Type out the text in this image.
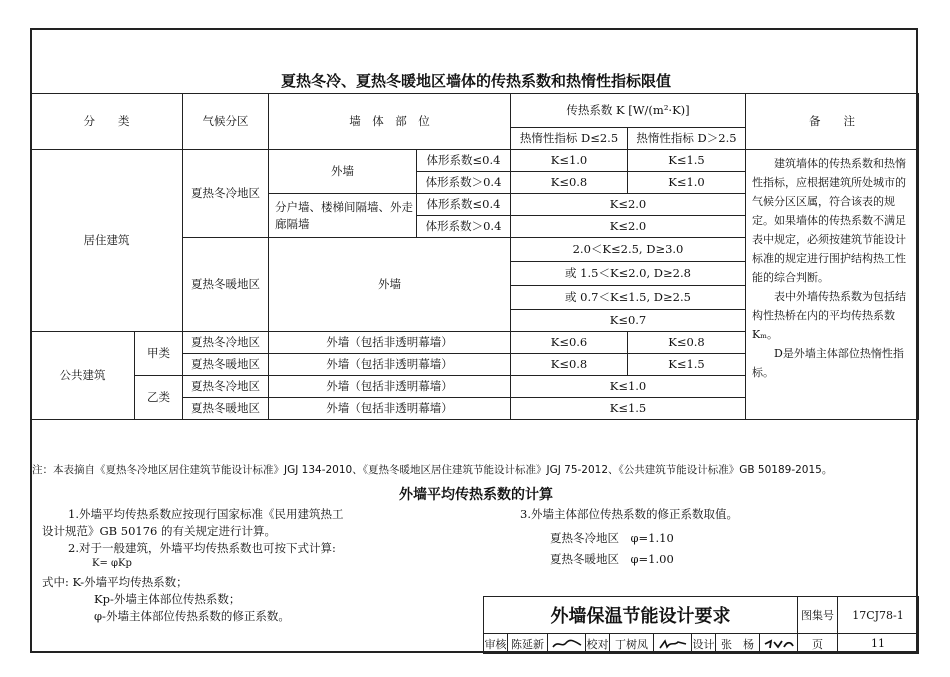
夏热冬冷、夏热冬暖地区墙体的传热系数和热惰性指标限值
分　　类		气候分区	墙　体　部　位		传热系数 K [W/(m²·K)]		备　　注
					热惰性指标 D≤2.5	热惰性指标 D＞2.5	
居住建筑		夏热冬冷地区	外墙	体形系数≤0.4	K≤1.0	K≤1.5	　　建筑墙体的传热系数和热惰性指标，应根据建筑所处城市的气候分区区属，符合该表的规定。如果墙体的传热系数不满足表中规定，必须按建筑节能设计标准的规定进行围护结构热工性能的综合判断。
　　表中外墙传热系数为包括结构性热桥在内的平均传热系数Kₘ。
　　D是外墙主体部位热惰性指标。

				体形系数＞0.4	K≤0.8	K≤1.0	
			分户墙、楼梯间隔墙、外走廊隔墙	体形系数≤0.4	K≤2.0		
				体形系数＞0.4	K≤2.0		
		夏热冬暖地区	外墙		2.0＜K≤2.5, D≥3.0		
					或 1.5＜K≤2.0, D≥2.8		
					或 0.7＜K≤1.5, D≥2.5		
					K≤0.7		
公共建筑	甲类	夏热冬冷地区	外墙（包括非透明幕墙）		K≤0.6	K≤0.8	
		夏热冬暖地区	外墙（包括非透明幕墙）		K≤0.8	K≤1.5	
	乙类	夏热冬冷地区	外墙（包括非透明幕墙）		K≤1.0		
		夏热冬暖地区	外墙（包括非透明幕墙）		K≤1.5		
注：本表摘自《夏热冬冷地区居住建筑节能设计标准》JGJ 134-2010、《夏热冬暖地区居住建筑节能设计标准》JGJ 75-2012、《公共建筑节能设计标准》GB 50189-2015。
外墙平均传热系数的计算
1.外墙平均传热系数应按现行国家标准《民用建筑热工
设计规范》GB 50176 的有关规定进行计算。
2.对于一般建筑，外墙平均传热系数也可按下式计算:
K= φKp
式中: K-外墙平均传热系数；
Kp-外墙主体部位传热系数；
φ-外墙主体部位传热系数的修正系数。
3.外墙主体部位传热系数的修正系数取值。
夏热冬冷地区　φ=1.10
夏热冬暖地区　φ=1.00
外墙保温节能设计要求									图集号	17CJ78-1
审核	陈延新		校对	丁树凤		设计	张　杨		页	11
